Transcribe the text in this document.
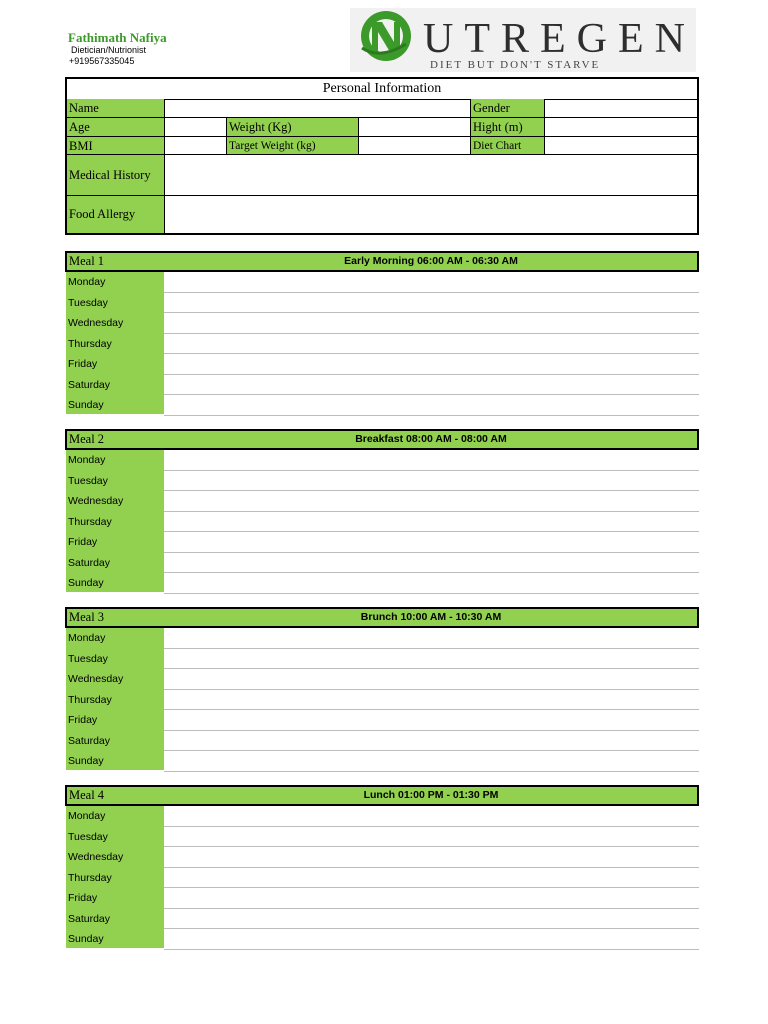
Fathimath Nafiya
Dietician/Nutrionist
+919567335045	UTREGEN
DIET BUT DON'T STARVE
Personal Information
Name	Gender
Age	Weight (Kg)	Hight (m)
BMI	Target Weight (kg)	Diet Chart
Medical History
Food Allergy
Meal 1	Early Morning 06:00 AM - 06:30 AM
Monday
Tuesday
Wednesday
Thursday
Friday
Saturday
Sunday
Meal 2	Breakfast 08:00 AM - 08:00 AM
Monday
Tuesday
Wednesday
Thursday
Friday
Saturday
Sunday
Meal 3	Brunch 10:00 AM - 10:30 AM
Monday
Tuesday
Wednesday
Thursday
Friday
Saturday
Sunday
Meal 4	Lunch 01:00 PM - 01:30 PM
Monday
Tuesday
Wednesday
Thursday
Friday
Saturday
Sunday
